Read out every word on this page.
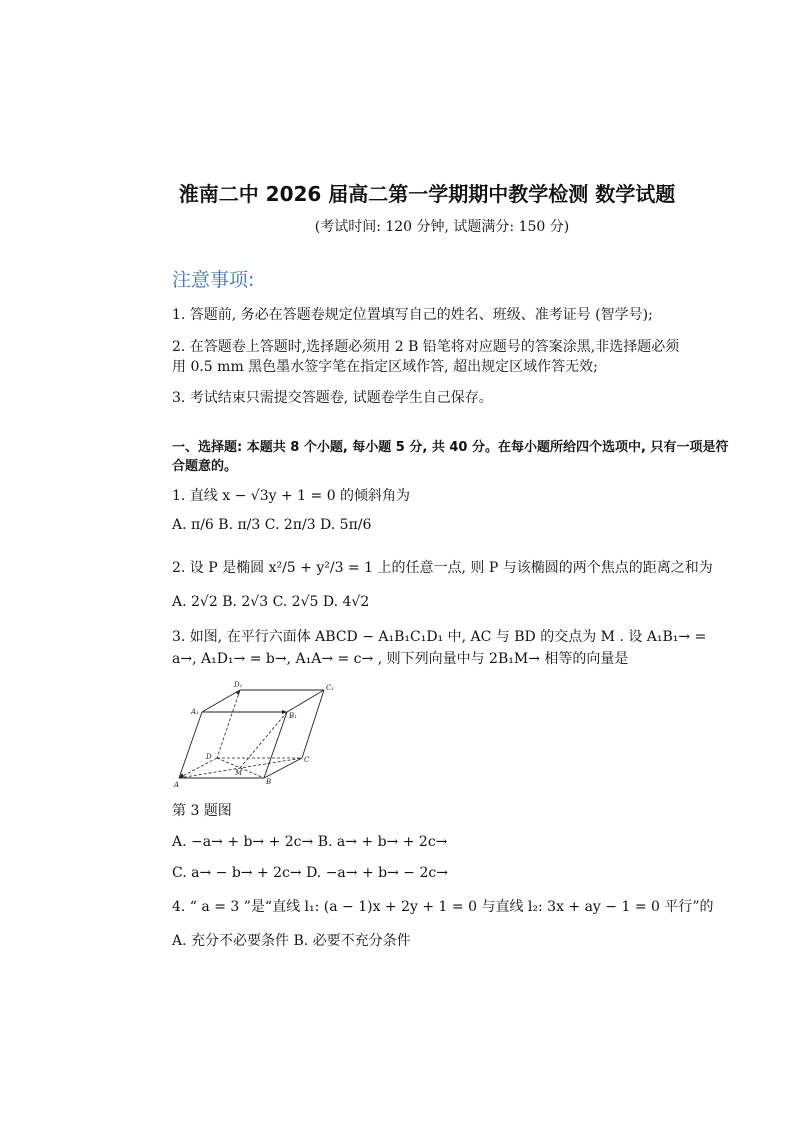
淮南二中 2026 届高二第一学期期中教学检测 数学试题
(考试时间: 120 分钟, 试题满分: 150 分)
注意事项:
1. 答题前, 务必在答题卷规定位置填写自己的姓名、班级、准考证号 (智学号);
2. 在答题卷上答题时,选择题必须用 2 B 铅笔将对应题号的答案涂黑,非选择题必须
用 0.5 mm 黑色墨水签字笔在指定区域作答, 超出规定区域作答无效;
3. 考试结束只需提交答题卷, 试题卷学生自己保存。
一、选择题: 本题共 8 个小题, 每小题 5 分, 共 40 分。在每小题所给四个选项中, 只有一项是符
合题意的。
1. 直线 x − √3y + 1 = 0 的倾斜角为
A. π/6 B. π/3 C. 2π/3 D. 5π/6
2. 设 P 是椭圆 x²/5 + y²/3 = 1 上的任意一点, 则 P 与该椭圆的两个焦点的距离之和为
A. 2√2 B. 2√3 C. 2√5 D. 4√2
3. 如图, 在平行六面体 ABCD − A₁B₁C₁D₁ 中, AC 与 BD 的交点为 M . 设 A₁B₁→ =
a→, A₁D₁→ = b→, A₁A→ = c→ , 则下列向量中与 2B₁M→ 相等的向量是
D₁	C₁
A₁	B₁
D	C
M
A	B
第 3 题图
A. −a→ + b→ + 2c→ B. a→ + b→ + 2c→
C. a→ − b→ + 2c→ D. −a→ + b→ − 2c→
4. “ a = 3 ”是“直线 l₁: (a − 1)x + 2y + 1 = 0 与直线 l₂: 3x + ay − 1 = 0 平行”的
A. 充分不必要条件 B. 必要不充分条件
